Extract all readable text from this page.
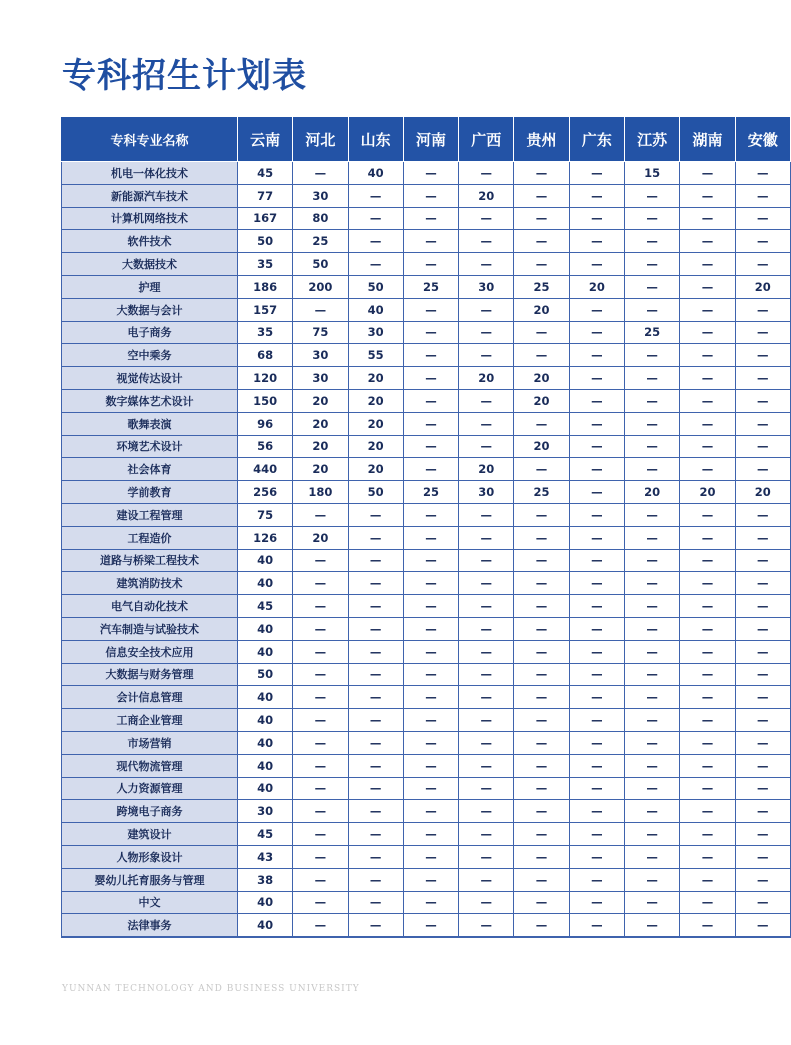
专科招生计划表
专科专业名称	云南	河北	山东	河南	广西	贵州	广东	江苏	湖南	安徽
机电一体化技术	45	—	40	—	—	—	—	15	—	—
新能源汽车技术	77	30	—	—	20	—	—	—	—	—
计算机网络技术	167	80	—	—	—	—	—	—	—	—
软件技术	50	25	—	—	—	—	—	—	—	—
大数据技术	35	50	—	—	—	—	—	—	—	—
护理	186	200	50	25	30	25	20	—	—	20
大数据与会计	157	—	40	—	—	20	—	—	—	—
电子商务	35	75	30	—	—	—	—	25	—	—
空中乘务	68	30	55	—	—	—	—	—	—	—
视觉传达设计	120	30	20	—	20	20	—	—	—	—
数字媒体艺术设计	150	20	20	—	—	20	—	—	—	—
歌舞表演	96	20	20	—	—	—	—	—	—	—
环境艺术设计	56	20	20	—	—	20	—	—	—	—
社会体育	440	20	20	—	20	—	—	—	—	—
学前教育	256	180	50	25	30	25	—	20	20	20
建设工程管理	75	—	—	—	—	—	—	—	—	—
工程造价	126	20	—	—	—	—	—	—	—	—
道路与桥梁工程技术	40	—	—	—	—	—	—	—	—	—
建筑消防技术	40	—	—	—	—	—	—	—	—	—
电气自动化技术	45	—	—	—	—	—	—	—	—	—
汽车制造与试验技术	40	—	—	—	—	—	—	—	—	—
信息安全技术应用	40	—	—	—	—	—	—	—	—	—
大数据与财务管理	50	—	—	—	—	—	—	—	—	—
会计信息管理	40	—	—	—	—	—	—	—	—	—
工商企业管理	40	—	—	—	—	—	—	—	—	—
市场营销	40	—	—	—	—	—	—	—	—	—
现代物流管理	40	—	—	—	—	—	—	—	—	—
人力资源管理	40	—	—	—	—	—	—	—	—	—
跨境电子商务	30	—	—	—	—	—	—	—	—	—
建筑设计	45	—	—	—	—	—	—	—	—	—
人物形象设计	43	—	—	—	—	—	—	—	—	—
婴幼儿托育服务与管理	38	—	—	—	—	—	—	—	—	—
中文	40	—	—	—	—	—	—	—	—	—
法律事务	40	—	—	—	—	—	—	—	—	—
YUNNAN TECHNOLOGY AND BUSINESS UNIVERSITY
